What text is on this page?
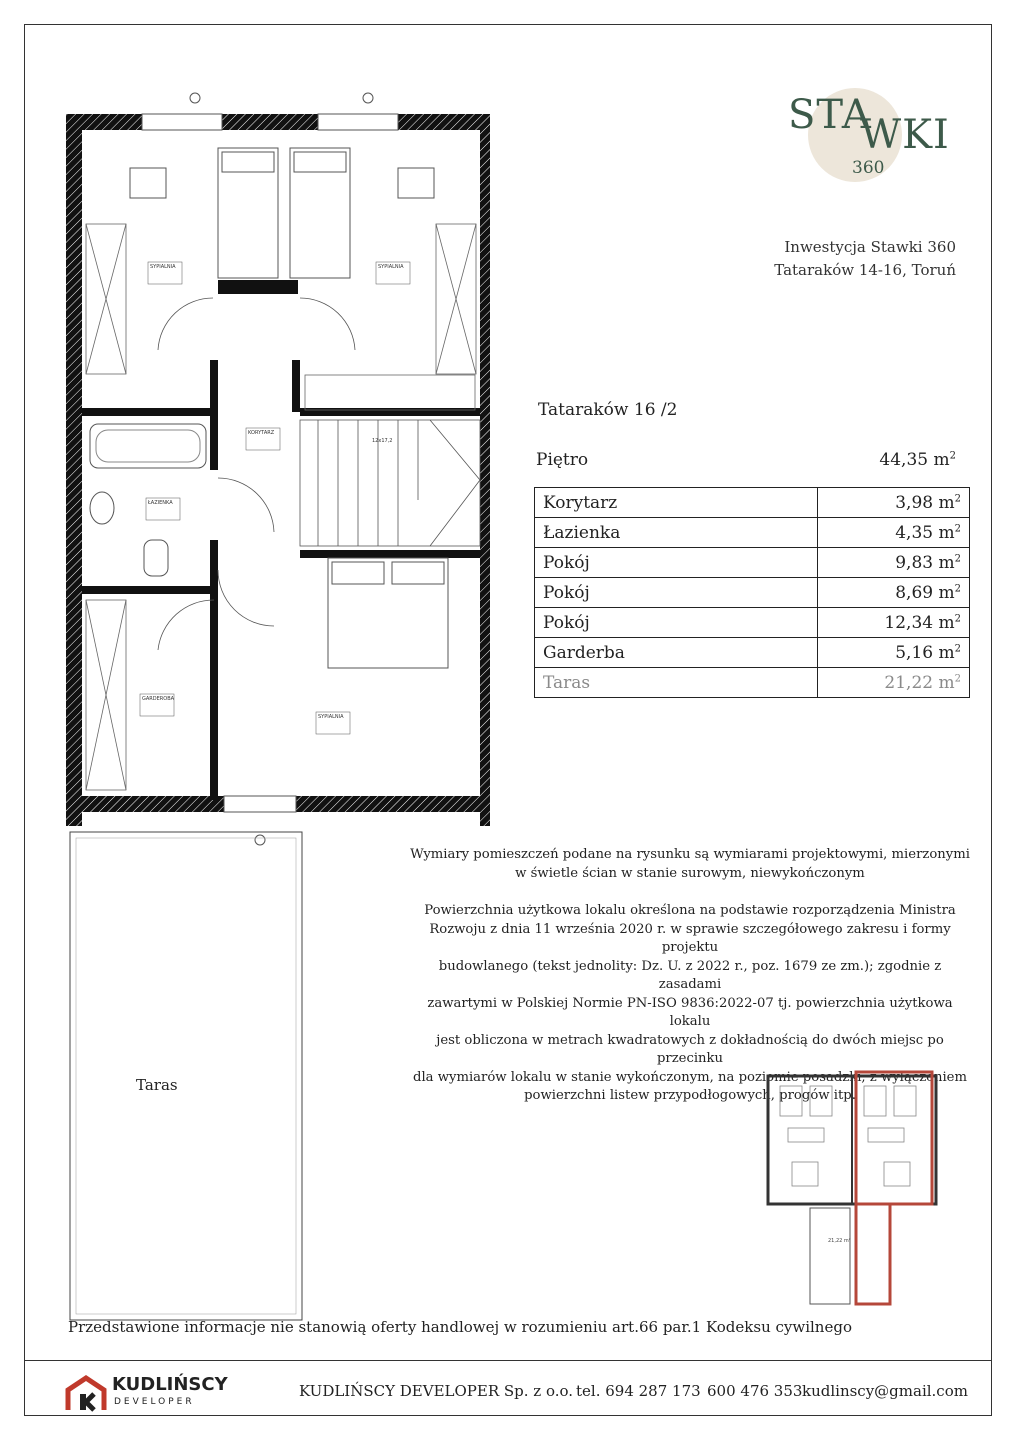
STA
WKI
360
Inwestycja Stawki 360
Tataraków 14-16, Toruń
Tataraków 16 /2
Piętro	44,35 $m^2$
Korytarz	3,98 $m^2$
Łazienka	4,35 $m^2$
Pokój	9,83 $m^2$
Pokój	8,69 $m^2$
Pokój	12,34 $m^2$
Garderba	5,16 $m^2$
Taras	21,22 $m^2$
Wymiary pomieszczeń podane na rysunku są wymiarami projektowymi, mierzonymi
w świetle ścian w stanie surowym, niewykończonym
Powierzchnia użytkowa lokalu określona na podstawie rozporządzenia Ministra
Rozwoju z dnia 11 września 2020 r. w sprawie szczegółowego zakresu i formy projektu
budowlanego (tekst jednolity: Dz. U. z 2022 r., poz. 1679 ze zm.); zgodnie z zasadami
zawartymi w Polskiej Normie PN-ISO 9836:2022-07 tj. powierzchnia użytkowa lokalu
jest obliczona w metrach kwadratowych z dokładnością do dwóch miejsc po przecinku
dla wymiarów lokalu w stanie wykończonym, na poziomie posadzki, z wyłączeniem
powierzchni listew przypodłogowych, progów itp.
SYPIALNIA	SYPIALNIA
KORYTARZ
ŁAZIENKA
GARDEROBA
SYPIALNIA
12x17,2
Taras
21,22 m²
Przedstawione informacje nie stanowią oferty handlowej w rozumieniu art.66 par.1 Kodeksu cywilnego
KUDLIŃSCY
DEVELOPER
KUDLIŃSCY DEVELOPER Sp. z o.o. tel. 694 287 173 600 476 353 kudlinscy@gmail.com
